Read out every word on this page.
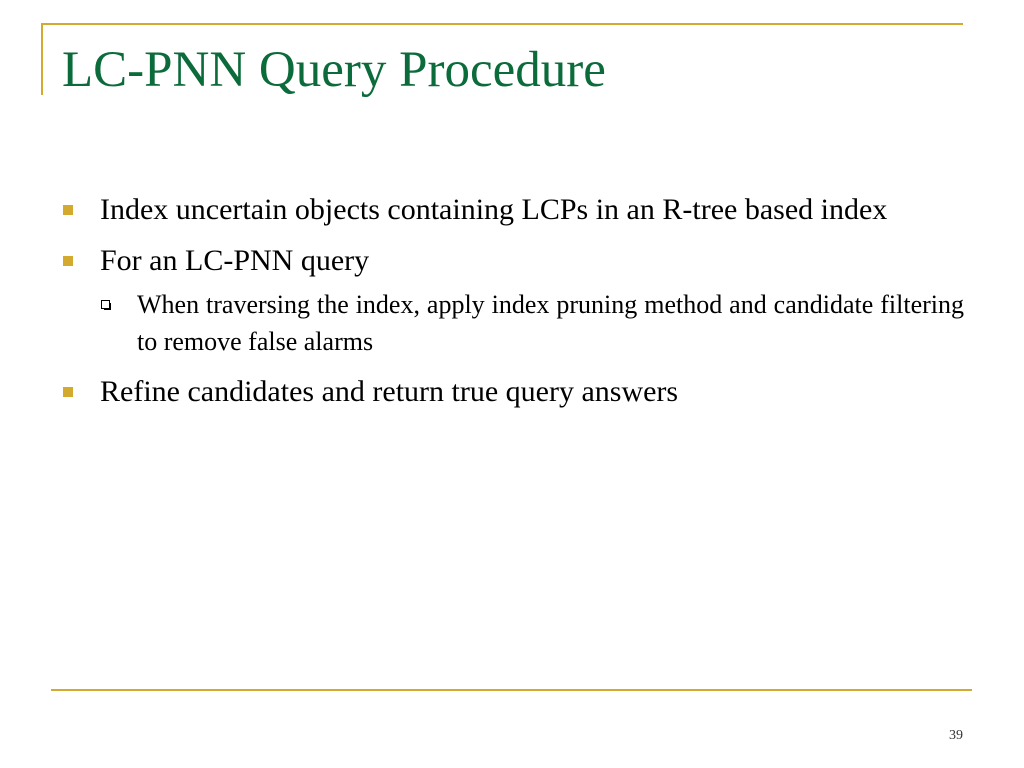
LC-PNN Query Procedure
Index uncertain objects containing LCPs in an R-tree based index
For an LC-PNN query
When traversing the index, apply index pruning method and candidate filtering to remove false alarms
Refine candidates and return true query answers
39
